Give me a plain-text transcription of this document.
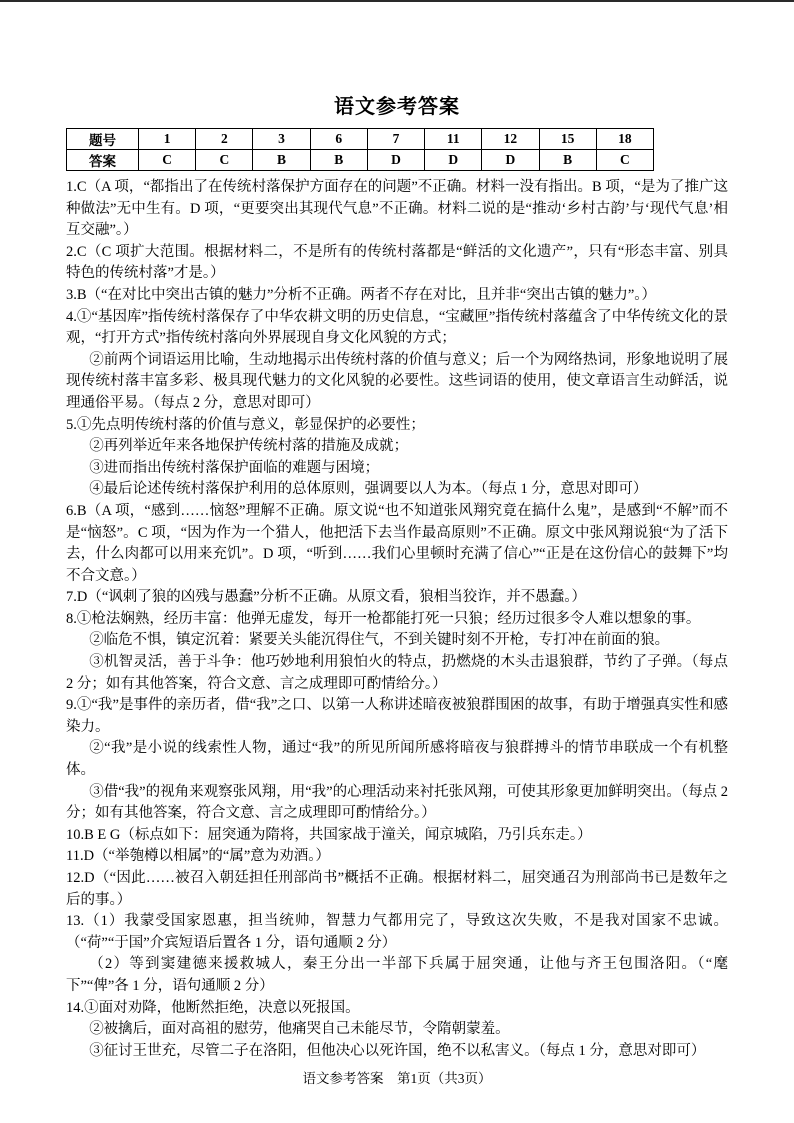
语文参考答案
题号	1	2	3	6	7	11	12	15	18
答案	C	C	B	B	D	D	D	B	C

1.C（A 项，“都指出了在传统村落保护方面存在的问题”不正确。材料一没有指出。B 项，“是为了推广这种做法”无中生有。D 项，“更要突出其现代气息”不正确。材料二说的是“推动‘乡村古韵’与‘现代气息’相互交融”。）

2.C（C 项扩大范围。根据材料二，不是所有的传统村落都是“鲜活的文化遗产”，只有“形态丰富、别具特色的传统村落”才是。）

3.B（“在对比中突出古镇的魅力”分析不正确。两者不存在对比，且并非“突出古镇的魅力”。）

4.①“基因库”指传统村落保存了中华农耕文明的历史信息，“宝藏匣”指传统村落蕴含了中华传统文化的景观，“打开方式”指传统村落向外界展现自身文化风貌的方式；

②前两个词语运用比喻，生动地揭示出传统村落的价值与意义；后一个为网络热词，形象地说明了展现传统村落丰富多彩、极具现代魅力的文化风貌的必要性。这些词语的使用，使文章语言生动鲜活，说理通俗平易。（每点 2 分，意思对即可）

5.①先点明传统村落的价值与意义，彰显保护的必要性；

②再列举近年来各地保护传统村落的措施及成就；

③进而指出传统村落保护面临的难题与困境；

④最后论述传统村落保护利用的总体原则，强调要以人为本。（每点 1 分，意思对即可）

6.B（A 项，“感到……恼怒”理解不正确。原文说“也不知道张风翔究竟在搞什么鬼”，是感到“不解”而不是“恼怒”。C 项，“因为作为一个猎人，他把活下去当作最高原则”不正确。原文中张风翔说狼“为了活下去，什么肉都可以用来充饥”。D 项，“听到……我们心里顿时充满了信心”“正是在这份信心的鼓舞下”均不合文意。）

7.D（“讽刺了狼的凶残与愚蠢”分析不正确。从原文看，狼相当狡诈，并不愚蠢。）

8.①枪法娴熟，经历丰富：他弹无虚发，每开一枪都能打死一只狼；经历过很多令人难以想象的事。

②临危不惧，镇定沉着：紧要关头能沉得住气，不到关键时刻不开枪，专打冲在前面的狼。

③机智灵活，善于斗争：他巧妙地利用狼怕火的特点，扔燃烧的木头击退狼群，节约了子弹。（每点 2 分；如有其他答案，符合文意、言之成理即可酌情给分。）

9.①“我”是事件的亲历者，借“我”之口、以第一人称讲述暗夜被狼群围困的故事，有助于增强真实性和感染力。

②“我”是小说的线索性人物，通过“我”的所见所闻所感将暗夜与狼群搏斗的情节串联成一个有机整体。

③借“我”的视角来观察张风翔，用“我”的心理活动来衬托张风翔，可使其形象更加鲜明突出。（每点 2 分；如有其他答案，符合文意、言之成理即可酌情给分。）

10.B E G（标点如下：屈突通为隋将，共国家战于潼关，闻京城陷，乃引兵东走。）

11.D（“举匏樽以相属”的“属”意为劝酒。）

12.D（“因此……被召入朝廷担任刑部尚书”概括不正确。根据材料二，屈突通召为刑部尚书已是数年之后的事。）

13.（1）我蒙受国家恩惠，担当统帅，智慧力气都用完了，导致这次失败，不是我对国家不忠诚。（“荷”“于国”介宾短语后置各 1 分，语句通顺 2 分）

（2）等到窦建德来援救城人，秦王分出一半部下兵属于屈突通，让他与齐王包围洛阳。（“麾下”“俾”各 1 分，语句通顺 2 分）

14.①面对劝降，他断然拒绝，决意以死报国。

②被擒后，面对高祖的慰劳，他痛哭自己未能尽节，令隋朝蒙羞。

③征讨王世充，尽管二子在洛阳，但他决心以死许国，绝不以私害义。（每点 1 分，意思对即可）

语文参考答案　第1页（共3页）
